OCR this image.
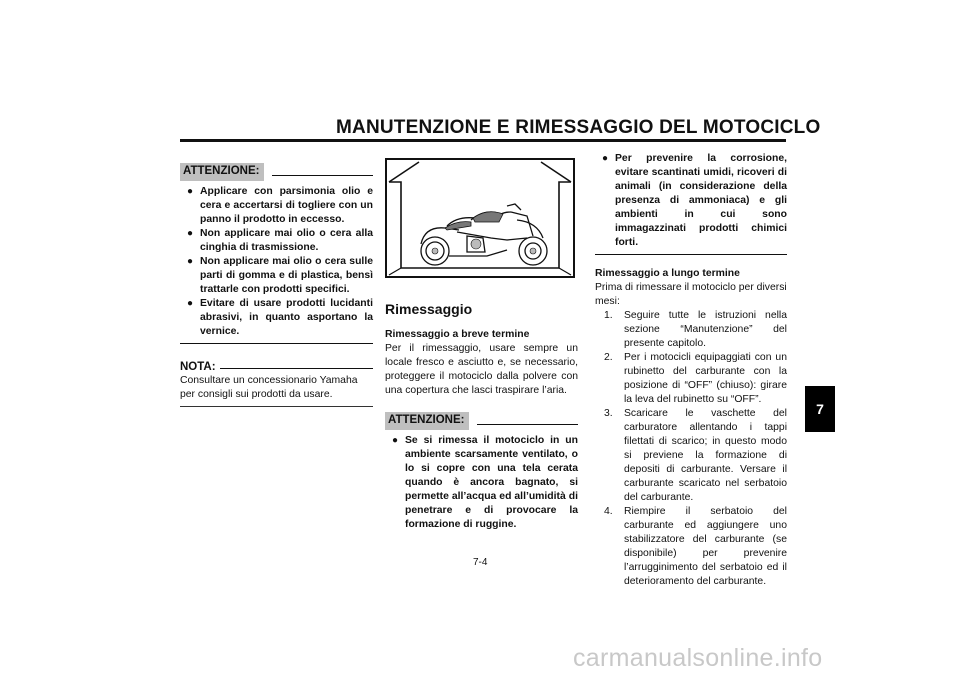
MANUTENZIONE E RIMESSAGGIO DEL MOTOCICLO
ATTENZIONE:
● Applicare con parsimonia olio e cera e accertarsi di togliere con un panno il prodotto in eccesso.
● Non applicare mai olio o cera alla cinghia di trasmissione.
● Non applicare mai olio o cera sulle parti di gomma e di plastica, bensì trattarle con prodotti specifici.
● Evitare di usare prodotti lucidanti abrasivi, in quanto asportano la vernice.
NOTA:

Consultare un concessionario Yamaha per consigli sui prodotti da usare.

Rimessaggio

Rimessaggio a breve termine

Per il rimessaggio, usare sempre un locale fresco e asciutto e, se necessario, proteggere il motociclo dalla polvere con una copertura che lasci traspirare l’aria.

ATTENZIONE:
● Se si rimessa il motociclo in un ambiente scarsamente ventilato, o lo si copre con una tela cerata quando è ancora bagnato, si permette all’acqua ed all’umidità di penetrare e di provocare la formazione di ruggine.
● Per prevenire la corrosione, evitare scantinati umidi, ricoveri di animali (in considerazione della presenza di ammoniaca) e gli ambienti in cui sono immagazzinati prodotti chimici forti.

Rimessaggio a lungo termine

Prima di rimessare il motociclo per diversi mesi:

1. Seguire tutte le istruzioni nella sezione “Manutenzione” del presente capitolo.
2. Per i motocicli equipaggiati con un rubinetto del carburante con la posizione di “OFF” (chiuso): girare la leva del rubinetto su “OFF”.
3. Scaricare le vaschette del carburatore allentando i tappi filettati di scarico; in questo modo si previene la formazione di depositi di carburante. Versare il carburante scaricato nel serbatoio del carburante.
4. Riempire il serbatoio del carburante ed aggiungere uno stabilizzatore del carburante (se disponibile) per prevenire l’arrugginimento del serbatoio ed il deterioramento del carburante.
7-4
7
carmanualsonline.info
